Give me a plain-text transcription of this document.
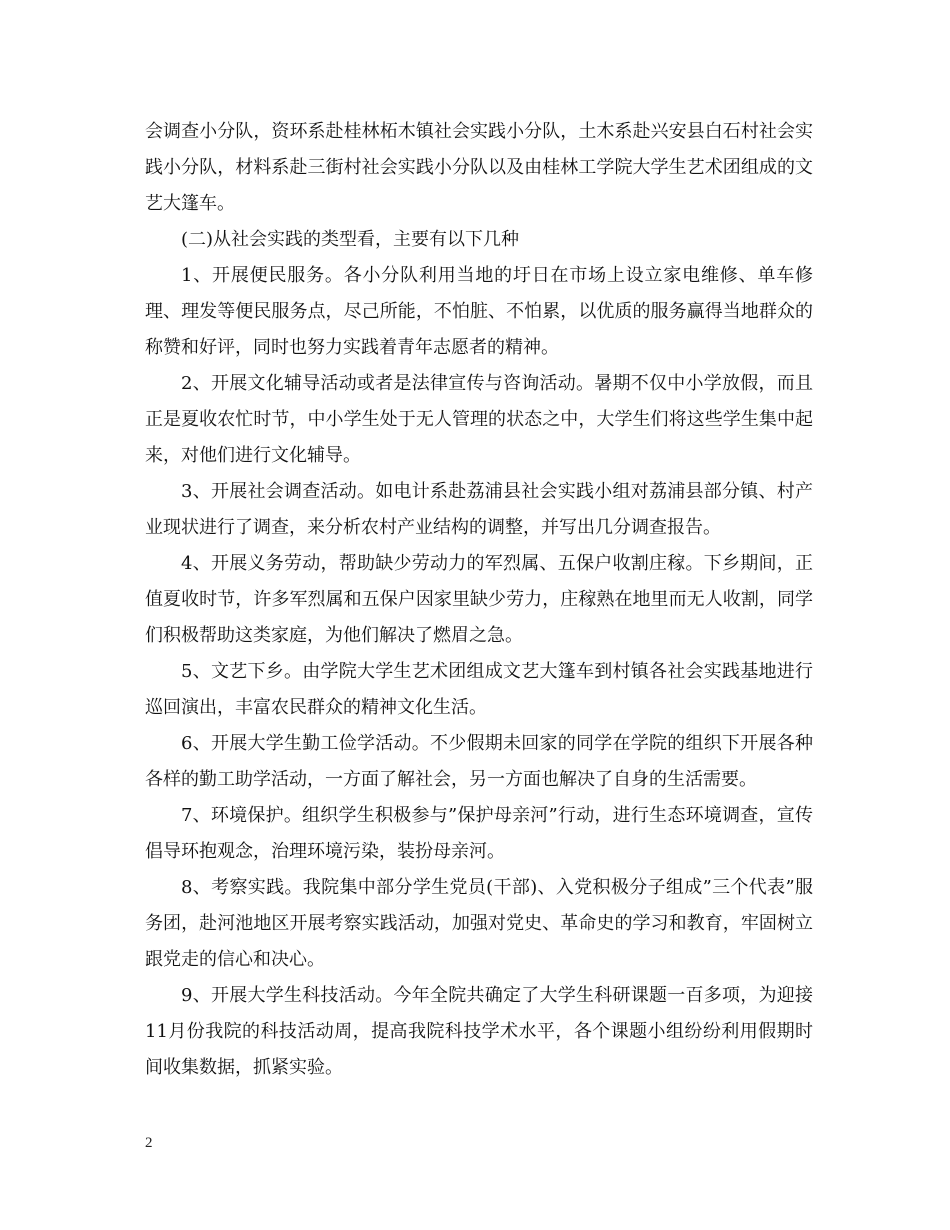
会调查小分队，资环系赴桂林柘木镇社会实践小分队，土木系赴兴安县白石村社会实践小分队，材料系赴三街村社会实践小分队以及由桂林工学院大学生艺术团组成的文艺大篷车。

(二)从社会实践的类型看，主要有以下几种

1、开展便民服务。各小分队利用当地的圩日在市场上设立家电维修、单车修理、理发等便民服务点，尽己所能，不怕脏、不怕累，以优质的服务赢得当地群众的称赞和好评，同时也努力实践着青年志愿者的精神。

2、开展文化辅导活动或者是法律宣传与咨询活动。暑期不仅中小学放假，而且正是夏收农忙时节，中小学生处于无人管理的状态之中，大学生们将这些学生集中起来，对他们进行文化辅导。

3、开展社会调查活动。如电计系赴荔浦县社会实践小组对荔浦县部分镇、村产业现状进行了调查，来分析农村产业结构的调整，并写出几分调查报告。

4、开展义务劳动，帮助缺少劳动力的军烈属、五保户收割庄稼。下乡期间，正值夏收时节，许多军烈属和五保户因家里缺少劳力，庄稼熟在地里而无人收割，同学们积极帮助这类家庭，为他们解决了燃眉之急。

5、文艺下乡。由学院大学生艺术团组成文艺大篷车到村镇各社会实践基地进行巡回演出，丰富农民群众的精神文化生活。

6、开展大学生勤工俭学活动。不少假期未回家的同学在学院的组织下开展各种各样的勤工助学活动，一方面了解社会，另一方面也解决了自身的生活需要。

7、环境保护。组织学生积极参与”保护母亲河”行动，进行生态环境调查，宣传倡导环抱观念，治理环境污染，装扮母亲河。

8、考察实践。我院集中部分学生党员(干部)、入党积极分子组成”三个代表”服务团，赴河池地区开展考察实践活动，加强对党史、革命史的学习和教育，牢固树立跟党走的信心和决心。

9、开展大学生科技活动。今年全院共确定了大学生科研课题一百多项，为迎接11月份我院的科技活动周，提高我院科技学术水平，各个课题小组纷纷利用假期时间收集数据，抓紧实验。

2
